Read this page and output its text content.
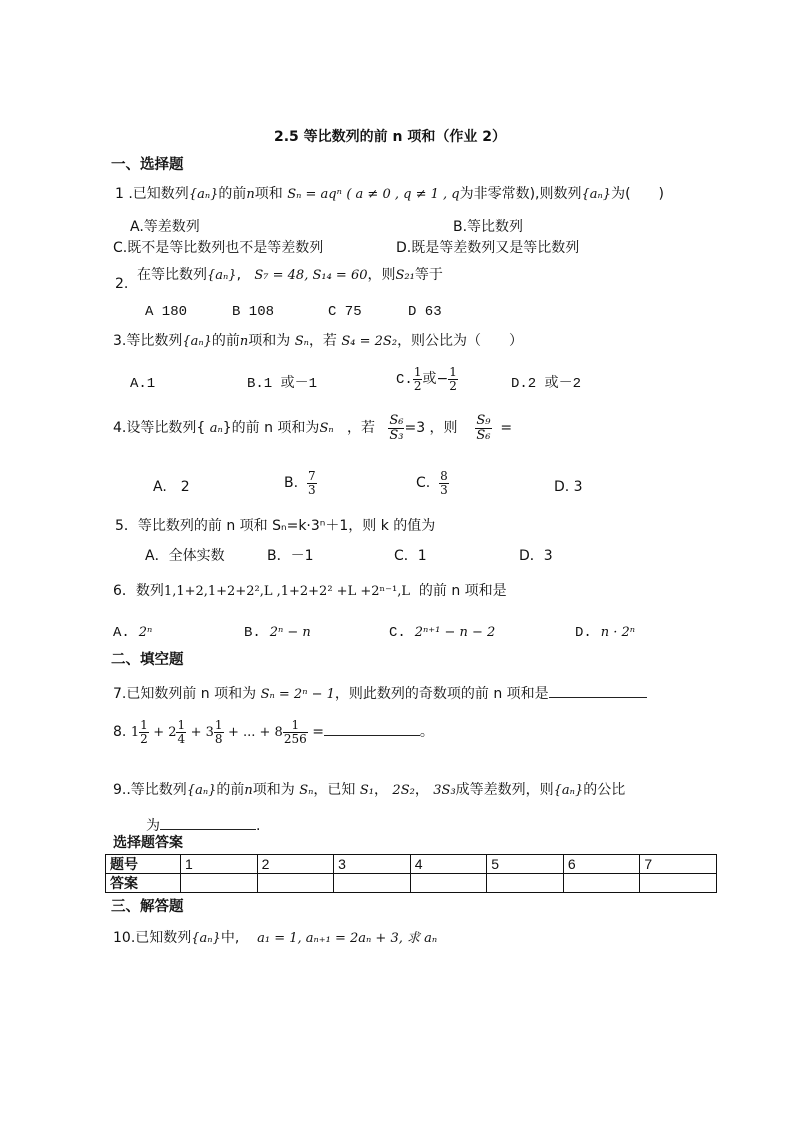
2.5 等比数列的前 n 项和（作业 2）
一、选择题
1 .已知数列{aₙ}的前n项和 Sₙ = aqⁿ ( a ≠ 0 , q ≠ 1 , q为非零常数),则数列{aₙ}为(　　)
A.等差数列	B.等比数列
C.既不是等比数列也不是等差数列	D.既是等差数列又是等比数列
2.
在等比数列{aₙ},   S₇ = 48, S₁₄ = 60，则S₂₁等于
A 180	B 108	C 75	D 63
3.等比数列{aₙ}的前n项和为 Sₙ，若 S₄ = 2S₂，则公比为（　　）
A.1	B.1 或－1	C. $\frac{1}{2}$ 或− $\frac{1}{2}$	D.2 或－2
4.设等比数列{ aₙ}的前 n 项和为Sₙ ，若 $\frac{\text{S₆}}{\text{S₃}} =3$ ，则 $\frac{\text{S₉}}{\text{S₆}}$ =
A.　2	B. $\frac{7}{3}$	C. $\frac{8}{3}$	D. 3
5．等比数列的前 n 项和 Sₙ=k·3ⁿ＋1，则 k 的值为
A．全体实数	B．－1	C．1	D．3
6．数列1,1+2,1+2+2²,L ,1+2+2² +L +2ⁿ⁻¹,L 的前 n 项和是
A. 2ⁿ	B. 2ⁿ − n	C. 2ⁿ⁺¹ − n − 2	D. n · 2ⁿ
二、填空题
7.已知数列前 n 项和为 Sₙ = 2ⁿ − 1，则此数列的奇数项的前 n 项和是
8. $1 \frac{1}{2} + 2 \frac{1}{4} + 3 \frac{1}{8}$ + ... + $8 \frac{1}{256}$ =	。
9..等比数列{aₙ}的前n项和为 Sₙ，已知 S₁， 2S₂， 3S₃成等差数列，则{aₙ}的公比
为	.
选择题答案
题号	1	2	3	4	5	6	7
答案							
三、解答题
10.已知数列{aₙ}中, a₁ = 1, aₙ₊₁ = 2aₙ + 3, 求 aₙ
